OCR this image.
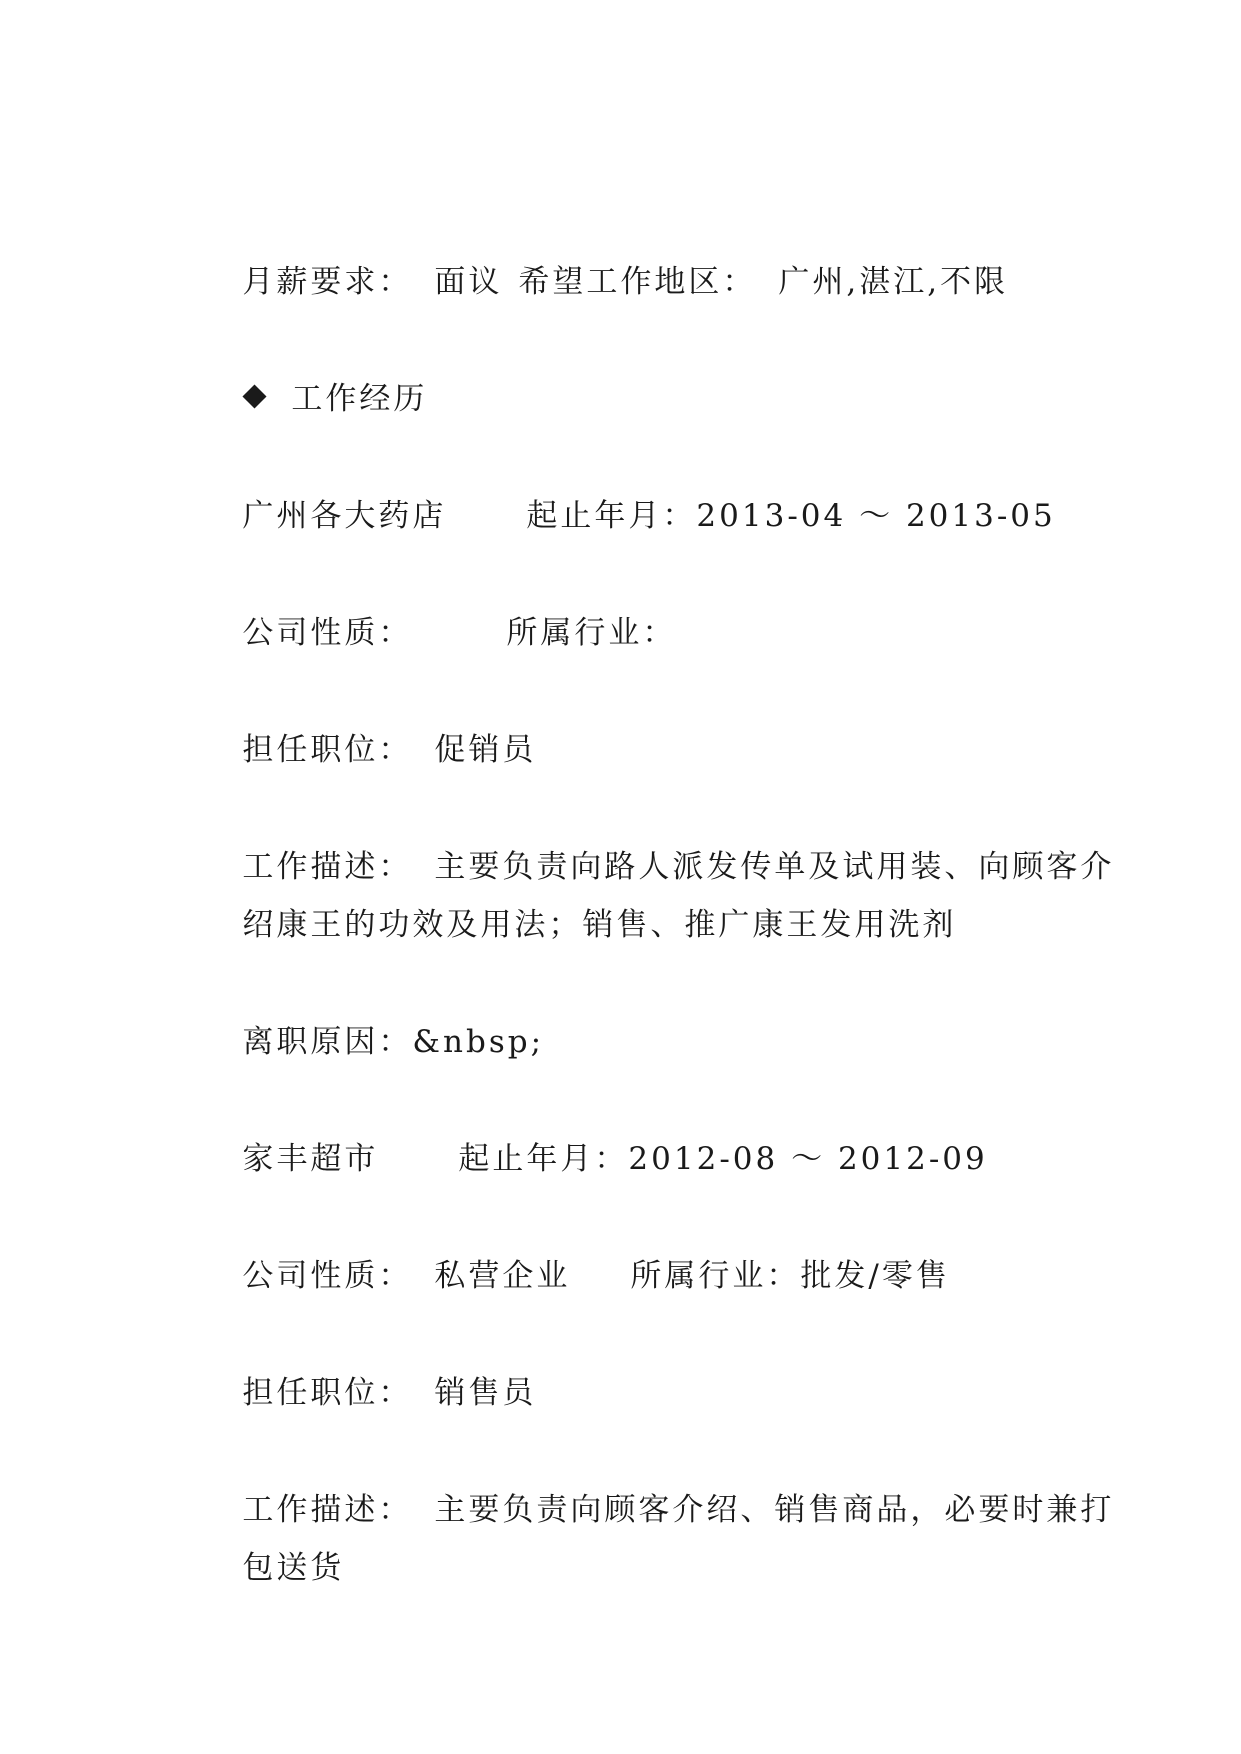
月薪要求： 面议 希望工作地区： 广州,湛江,不限

工作经历

广州各大药店	起止年月：2013-04 ～ 2013-05

公司性质：	所属行业：

担任职位： 促销员

工作描述： 主要负责向路人派发传单及试用装、向顾客介

绍康王的功效及用法；销售、推广康王发用洗剂

离职原因：&nbsp;

家丰超市	起止年月：2012-08 ～ 2012-09

公司性质： 私营企业 所属行业：批发/零售

担任职位： 销售员

工作描述： 主要负责向顾客介绍、销售商品，必要时兼打

包送货
